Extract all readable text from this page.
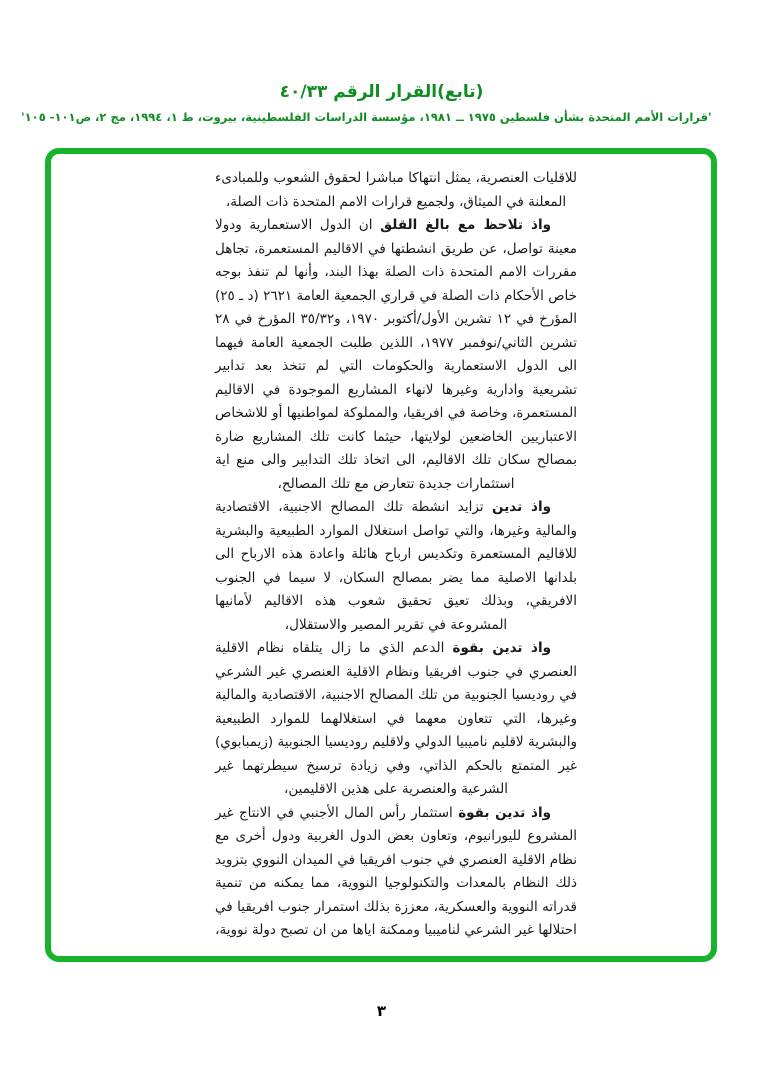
(تابع)القرار الرقم ٤٠/٣٣
'قرارات الأمم المتحدة بشأن فلسطين ١٩٧٥ ــ ١٩٨١، مؤسسة الدراسات الفلسطينية، بيروت، ط ١، ١٩٩٤، مج ٢، ص١٠١- ١٠٥'

للاقليات العنصرية، يمثل انتهاكا مباشرا لحقوق الشعوب وللمبادىء المعلنة في الميثاق، ولجميع قرارات الامم المتحدة ذات الصلة،

واذ تلاحظ مع بالغ القلق ان الدول الاستعمارية ودولا معينة تواصل، عن طريق انشطتها في الاقاليم المستعمرة، تجاهل مقررات الامم المتحدة ذات الصلة بهذا البند، وأنها لم تنفذ بوجه خاص الأحكام ذات الصلة في قراري الجمعية العامة ٢٦٢١ (د ـ ٢٥) المؤرخ في ١٢ تشرين الأول/أكتوبر ١٩٧٠، و٣٥/٣٢ المؤرخ في ٢٨ تشرين الثاني/نوفمبر ١٩٧٧، اللذين طلبت الجمعية العامة فيهما الى الدول الاستعمارية والحكومات التي لم تتخذ بعد تدابير تشريعية وادارية وغيرها لانهاء المشاريع الموجودة في الاقاليم المستعمرة، وخاصة في افريقيا، والمملوكة لمواطنيها أو للاشخاص الاعتباريين الخاضعين لولايتها، حيثما كانت تلك المشاريع ضارة بمصالح سكان تلك الاقاليم، الى اتخاذ تلك التدابير والى منع اية استثمارات جديدة تتعارض مع تلك المصالح،

واذ تدين تزايد انشطة تلك المصالح الاجنبية، الاقتصادية والمالية وغيرها، والتي تواصل استغلال الموارد الطبيعية والبشرية للاقاليم المستعمرة وتكديس ارباح هائلة واعادة هذه الارباح الى بلدانها الاصلية مما يضر بمصالح السكان، لا سيما في الجنوب الافريقي، وبذلك تعيق تحقيق شعوب هذه الاقاليم لأمانيها المشروعة في تقرير المصير والاستقلال،

واذ تدين بقوة الدعم الذي ما زال يتلقاه نظام الاقلية العنصري في جنوب افريقيا ونظام الاقلية العنصري غير الشرعي في روديسيا الجنوبية من تلك المصالح الاجنبية، الاقتصادية والمالية وغيرها، التي تتعاون معهما في استغلالهما للموارد الطبيعية والبشرية لاقليم ناميبيا الدولي ولاقليم روديسيا الجنوبية (زيمبابوي) غير المتمتع بالحكم الذاتي، وفي زيادة ترسيخ سيطرتهما غير الشرعية والعنصرية على هذين الاقليمين،

واذ تدين بقوة استثمار رأس المال الأجنبي في الانتاج غير المشروع لليورانيوم، وتعاون بعض الدول الغربية ودول أخرى مع نظام الاقلية العنصري في جنوب افريقيا في الميدان النووي بتزويد ذلك النظام بالمعدات والتكنولوجيا النووية، مما يمكنه من تنمية قدراته النووية والعسكرية، معززة بذلك استمرار جنوب افريقيا في احتلالها غير الشرعي لناميبيا وممكنة اياها من ان تصبح دولة نووية،

٣
